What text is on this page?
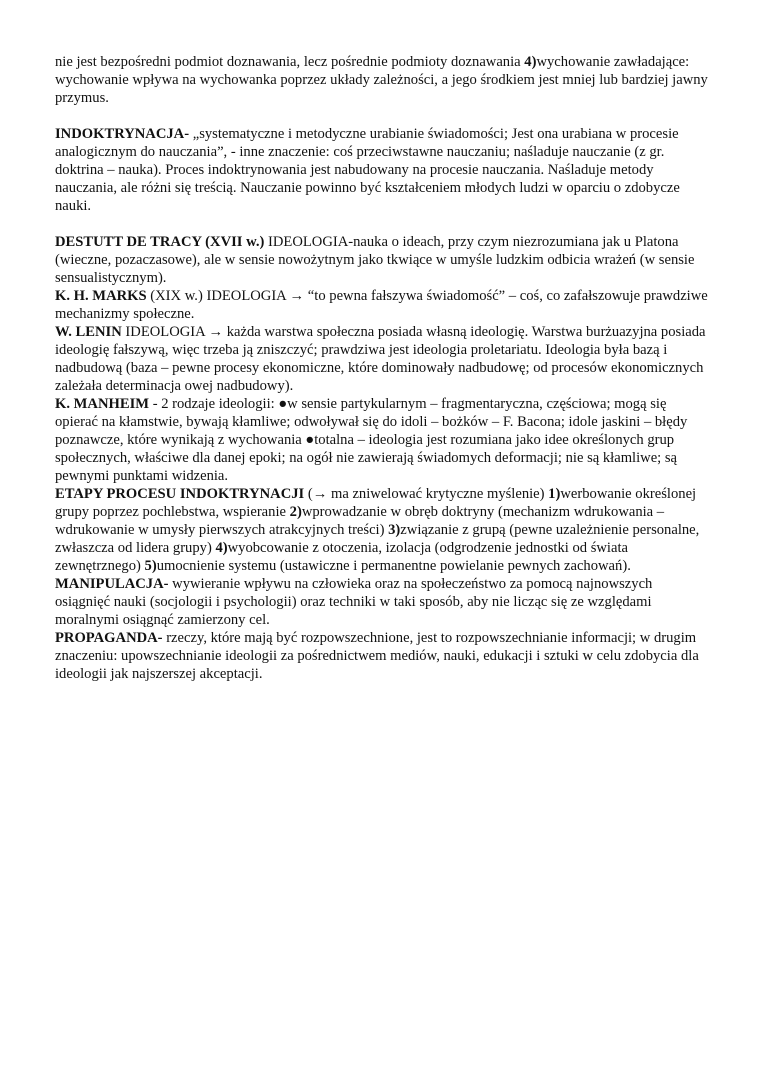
nie jest bezpośredni podmiot doznawania, lecz pośrednie podmioty doznawania 4)wychowanie zawładające: wychowanie wpływa na wychowanka poprzez układy zależności, a jego środkiem jest mniej lub bardziej jawny przymus.

INDOKTRYNACJA- „systematyczne i metodyczne urabianie świadomości; Jest ona urabiana w procesie analogicznym do nauczania”, - inne znaczenie: coś przeciwstawne nauczaniu; naśladuje nauczanie (z gr. doktrina – nauka). Proces indoktrynowania jest nabudowany na procesie nauczania. Naśladuje metody nauczania, ale różni się treścią. Nauczanie powinno być kształceniem młodych ludzi w oparciu o zdobycze nauki.

DESTUTT DE TRACY (XVII w.) IDEOLOGIA-nauka o ideach, przy czym niezrozumiana jak u Platona (wieczne, pozaczasowe), ale w sensie nowożytnym jako tkwiące w umyśle ludzkim odbicia wrażeń (w sensie sensualistycznym).

K. H. MARKS (XIX w.) IDEOLOGIA → “to pewna fałszywa świadomość” – coś, co zafałszowuje prawdziwe mechanizmy społeczne.

W. LENIN IDEOLOGIA → każda warstwa społeczna posiada własną ideologię. Warstwa burżuazyjna posiada ideologię fałszywą, więc trzeba ją zniszczyć; prawdziwa jest ideologia proletariatu. Ideologia była bazą i nadbudową (baza – pewne procesy ekonomiczne, które dominowały nadbudowę; od procesów ekonomicznych zależała determinacja owej nadbudowy).

K. MANHEIM - 2 rodzaje ideologii: ●w sensie partykularnym – fragmentaryczna, częściowa; mogą się opierać na kłamstwie, bywają kłamliwe; odwoływał się do idoli – bożków – F. Bacona; idole jaskini – błędy poznawcze, które wynikają z wychowania ●totalna – ideologia jest rozumiana jako idee określonych grup społecznych, właściwe dla danej epoki; na ogół nie zawierają świadomych deformacji; nie są kłamliwe; są pewnymi punktami widzenia.

ETAPY PROCESU INDOKTRYNACJI (→ ma zniwelować krytyczne myślenie) 1)werbowanie określonej grupy poprzez pochlebstwa, wspieranie 2)wprowadzanie w obręb doktryny (mechanizm wdrukowania – wdrukowanie w umysły pierwszych atrakcyjnych treści) 3)związanie z grupą (pewne uzależnienie personalne, zwłaszcza od lidera grupy) 4)wyobcowanie z otoczenia, izolacja (odgrodzenie jednostki od świata zewnętrznego) 5)umocnienie systemu (ustawiczne i permanentne powielanie pewnych zachowań).

MANIPULACJA- wywieranie wpływu na człowieka oraz na społeczeństwo za pomocą najnowszych osiągnięć nauki (socjologii i psychologii) oraz techniki w taki sposób, aby nie licząc się ze względami moralnymi osiągnąć zamierzony cel.

PROPAGANDA- rzeczy, które mają być rozpowszechnione, jest to rozpowszechnianie informacji; w drugim znaczeniu: upowszechnianie ideologii za pośrednictwem mediów, nauki, edukacji i sztuki w celu zdobycia dla ideologii jak najszerszej akceptacji.
